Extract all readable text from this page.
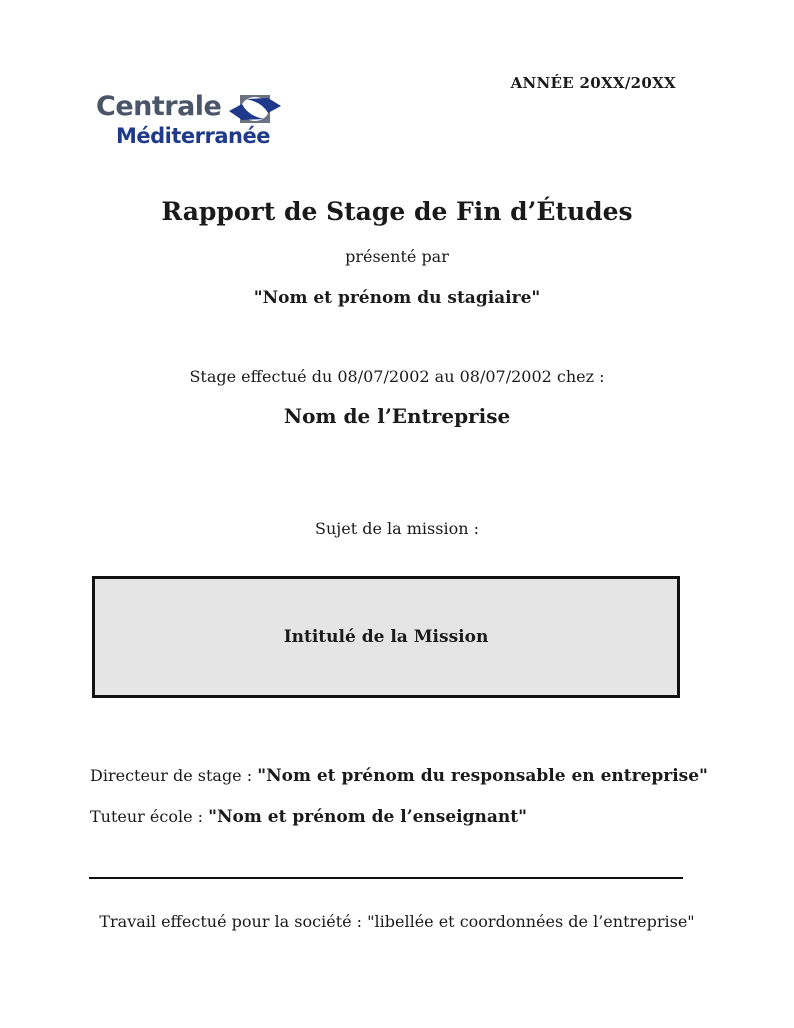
ANNÉE 20XX/20XX
Centrale
Méditerranée
Rapport de Stage de Fin d’Études
présenté par
"Nom et prénom du stagiaire"
Stage effectué du 08/07/2002 au 08/07/2002 chez :
Nom de l’Entreprise
Sujet de la mission :
Intitulé de la Mission
Directeur de stage : "Nom et prénom du responsable en entreprise"
Tuteur école : "Nom et prénom de l’enseignant"
Travail effectué pour la société : "libellée et coordonnées de l’entreprise"
